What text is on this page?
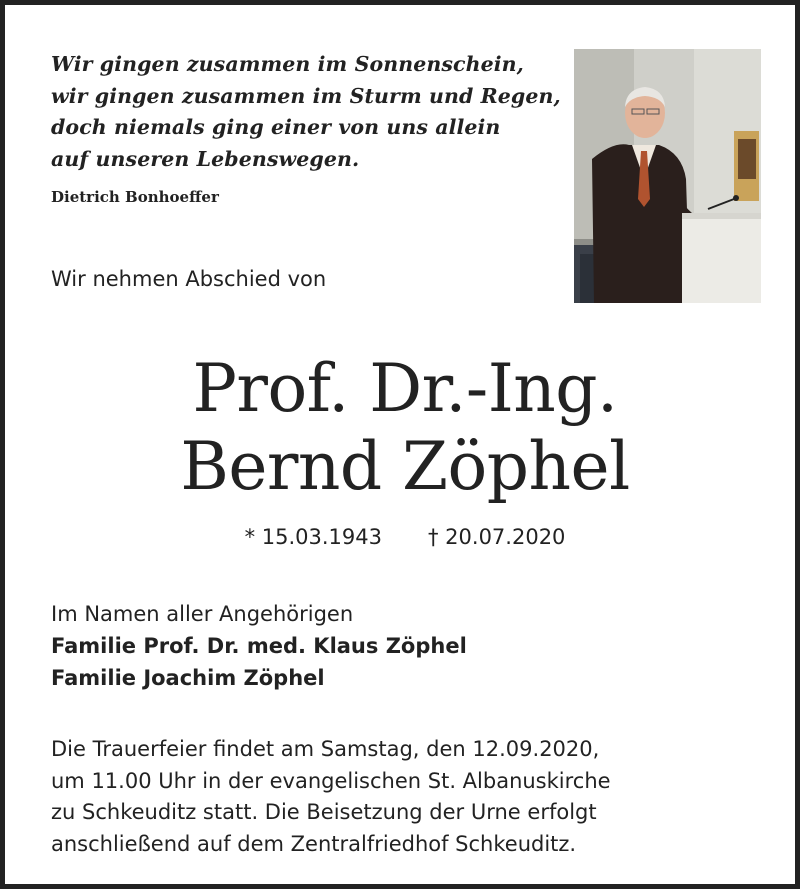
Wir gingen zusammen im Sonnenschein,
wir gingen zusammen im Sturm und Regen,
doch niemals ging einer von uns allein
auf unseren Lebenswegen.
Dietrich Bonhoeffer
Wir nehmen Abschied von
Prof. Dr.-Ing.
Bernd Zöphel
* 15.03.1943 † 20.07.2020
Im Namen aller Angehörigen
Familie Prof. Dr. med. Klaus Zöphel
Familie Joachim Zöphel
Die Trauerfeier findet am Samstag, den 12.09.2020,
um 11.00 Uhr in der evangelischen St. Albanuskirche
zu Schkeuditz statt. Die Beisetzung der Urne erfolgt
anschließend auf dem Zentralfriedhof Schkeuditz.
